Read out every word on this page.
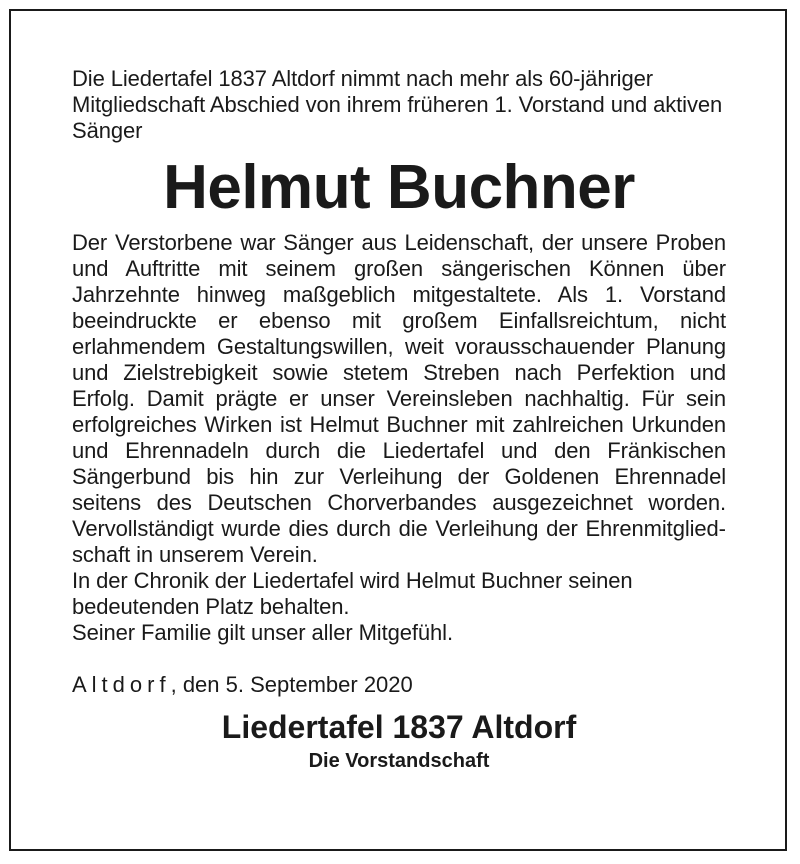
Die Liedertafel 1837 Altdorf nimmt nach mehr als 60-jähriger Mitgliedschaft Abschied von ihrem früheren 1. Vorstand und aktiven Sänger

Helmut Buchner

Der Verstorbene war Sänger aus Leidenschaft, der unsere Proben und Auftritte mit seinem großen sängerischen Können über Jahrzehnte hinweg maßgeblich mitgestaltete. Als 1. Vorstand beeindruckte er ebenso mit großem Einfallsreichtum, nicht erlahmendem Gestaltungswillen, weit vorausschauender Planung und Zielstrebigkeit sowie stetem Streben nach Perfektion und Erfolg. Damit prägte er unser Vereinsleben nachhaltig. Für sein erfolgreiches Wirken ist Helmut Buchner mit zahlreichen Urkunden und Ehrennadeln durch die Liedertafel und den Fränkischen Sängerbund bis hin zur Verleihung der Goldenen Ehrennadel seitens des Deutschen Chorverbandes ausgezeichnet worden. Vervollständigt wurde dies durch die Verleihung der Ehrenmitgliedschaft in unserem Verein.

In der Chronik der Liedertafel wird Helmut Buchner seinen bedeutenden Platz behalten.

Seiner Familie gilt unser aller Mitgefühl.

Altdorf, den 5. September 2020

Liedertafel 1837 Altdorf
Die Vorstandschaft
